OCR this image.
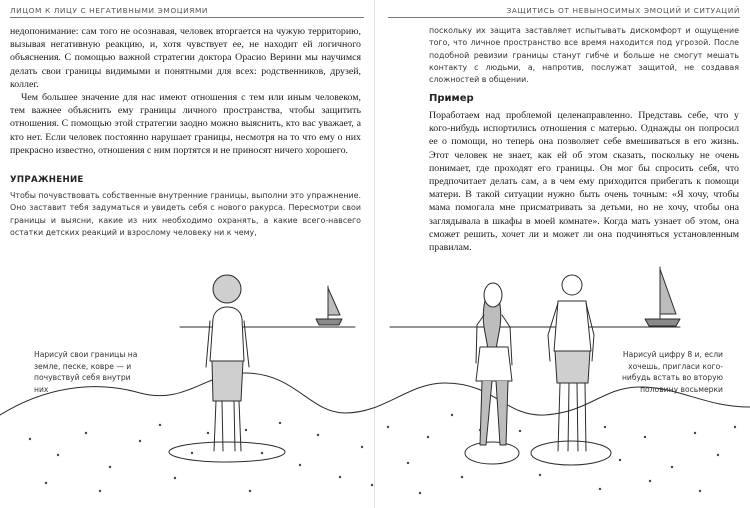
ЛИЦОМ К ЛИЦУ С НЕГАТИВНЫМИ ЭМОЦИЯМИ	ЗАЩИТИСЬ ОТ НЕВЫНОСИМЫХ ЭМОЦИЙ И СИТУАЦИЙ

недопонимание: сам того не осознавая, человек вторгается на чужую территорию, вызывая негативную реакцию, и, хотя чувствует ее, не находит ей логичного объяснения. С помощью важной стратегии доктора Орасио Верини мы научимся делать свои границы видимыми и понятными для всех: родственников, друзей, коллег.

Чем большее значение для нас имеют отношения с тем или иным человеком, тем важнее объяснить ему границы личного пространства, чтобы защитить отношения. С помощью этой стратегии заодно можно выяснить, кто вас уважает, а кто нет. Если человек постоянно нарушает границы, несмотря на то что ему о них прекрасно известно, отношения с ним портятся и не приносят ничего хорошего.

УПРАЖНЕНИЕ

Чтобы почувствовать собственные внутренние границы, выполни это упражнение. Оно заставит тебя задуматься и увидеть себя с нового ракурса. Пересмотри свои границы и выясни, какие из них необходимо охранять, а какие всего-навсего остатки детских реакций и взрослому человеку ни к чему,

поскольку их защита заставляет испытывать дискомфорт и ощущение того, что личное пространство все время находится под угрозой. После подобной ревизии границы станут гибче и больше не смогут мешать контакту с людьми, а, напротив, послужат защитой, не создавая сложностей в общении.

Пример

Поработаем над проблемой целенаправленно. Представь себе, что у кого-нибудь испортились отношения с матерью. Однажды он попросил ее о помощи, но теперь она позволяет себе вмешиваться в его жизнь. Этот человек не знает, как ей об этом сказать, поскольку не очень понимает, где проходят его границы. Он мог бы спросить себя, что предпочитает делать сам, а в чем ему приходится прибегать к помощи матери. В такой ситуации нужно быть очень точным: «Я хочу, чтобы мама помогала мне присматривать за детьми, но не хочу, чтобы она заглядывала в шкафы в моей комнате». Когда мать узнает об этом, она сможет решить, хочет ли и может ли она подчиняться установленным правилам.

Нарисуй свои границы на земле, песке, ковре — и почувствуй себя внутри них
Нарисуй цифру 8 и, если хочешь, пригласи кого-нибудь встать во вторую половину восьмерки
